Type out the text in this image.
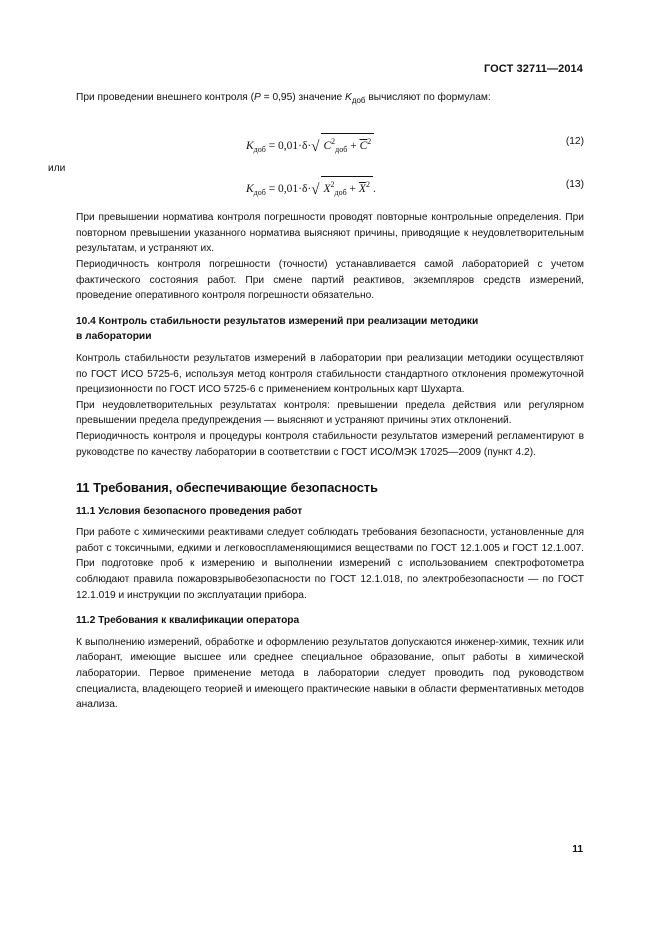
ГОСТ 32711—2014

При проведении внешнего контроля (P = 0,95) значение $K_{доб}$ вычисляют по формулам:

$K_{доб} = 0,01\cdot\delta\cdot√$ $C^2_{доб} + \overline{C}^2$	(12)
или
$K_{доб} = 0,01\cdot\delta\cdot√$ $X^2_{доб} + \overline{X}^2$ .	(13)

При превышении норматива контроля погрешности проводят повторные контрольные определения. При повторном превышении указанного норматива выясняют причины, приводящие к неудовлетворительным результатам, и устраняют их.

Периодичность контроля погрешности (точности) устанавливается самой лабораторией с учетом фактического состояния работ. При смене партий реактивов, экземпляров средств измерений, проведение оперативного контроля погрешности обязательно.

10.4 Контроль стабильности результатов измерений при реализации методики

в лаборатории

Контроль стабильности результатов измерений в лаборатории при реализации методики осуществляют по ГОСТ ИСО 5725-6, используя метод контроля стабильности стандартного отклонения промежуточной прецизионности по ГОСТ ИСО 5725-6 с применением контрольных карт Шухарта.

При неудовлетворительных результатах контроля: превышении предела действия или регулярном превышении предела предупреждения — выясняют и устраняют причины этих отклонений.

Периодичность контроля и процедуры контроля стабильности результатов измерений регламентируют в руководстве по качеству лаборатории в соответствии с ГОСТ ИСО/МЭК 17025—2009 (пункт 4.2).

11 Требования, обеспечивающие безопасность

11.1 Условия безопасного проведения работ

При работе с химическими реактивами следует соблюдать требования безопасности, установленные для работ с токсичными, едкими и легковоспламеняющимися веществами по ГОСТ 12.1.005 и ГОСТ 12.1.007. При подготовке проб к измерению и выполнении измерений с использованием спектрофотометра соблюдают правила пожаровзрывобезопасности по ГОСТ 12.1.018, по электробезопасности — по ГОСТ 12.1.019 и инструкции по эксплуатации прибора.

11.2 Требования к квалификации оператора

К выполнению измерений, обработке и оформлению результатов допускаются инженер-химик, техник или лаборант, имеющие высшее или среднее специальное образование, опыт работы в химической лаборатории. Первое применение метода в лаборатории следует проводить под руководством специалиста, владеющего теорией и имеющего практические навыки в области ферментативных методов анализа.

11
